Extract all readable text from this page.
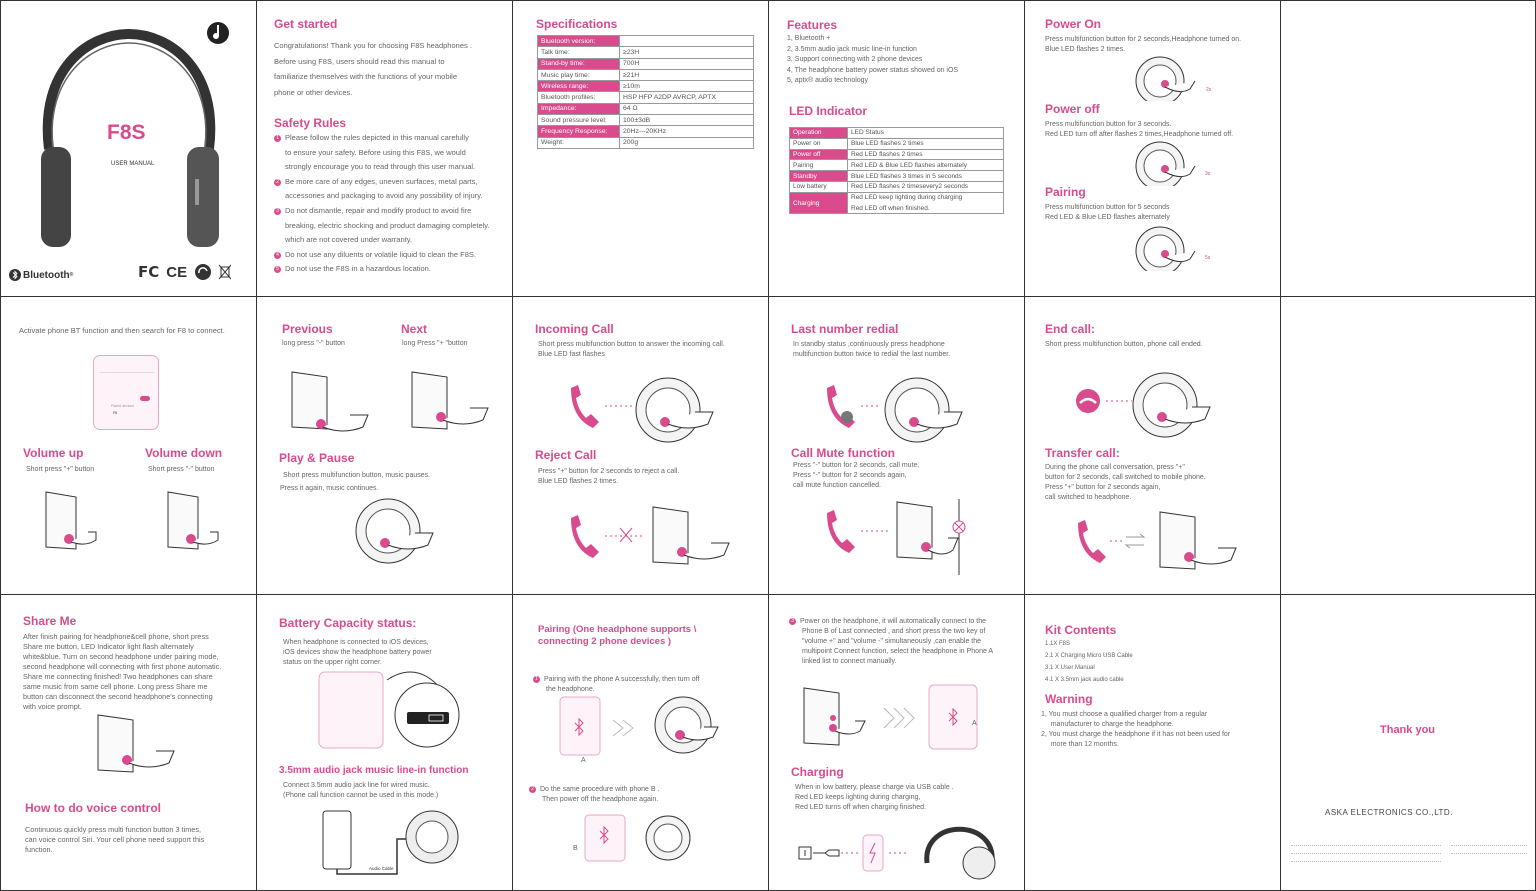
F8S
USER MANUAL
Bluetooth ®	FC CE
Get started
Congratulations! Thank you for choosing F8S headphones .
Before using F8S, users should read this manual to
familiarize themselves with the functions of your mobile
phone or other devices.
Safety Rules
1 Please follow the rules depicted in this manual carefully
to ensure your safety. Before using this F8S, we would
strongly encourage you to read through this user manual.
2 Be more care of any edges, uneven surfaces, metal parts,
accessories and packaging to avoid any possibility of injury.
3 Do not dismantle, repair and modify product to avoid fire
breaking, electric shocking and product damaging completely.
which are not covered under warranty.
4 Do not use any diluents or volatile liquid to clean the F8S.
5 Do not use the F8S in a hazardous location.
Specifications
Bluetooth version:	
Talk time:	≥23H
Stand-by time:	700H
Music play time:	≥21H
Wireless range:	≥10m
Bluetooth profiles:	HSP HFP A2DP AVRCP, APTX
Impedance:	64 Ω
Sound pressure level:	100±3dB
Frequency Response:	20Hz---20KHz
Weight:	200g
Features
1, Bluetooth +
2, 3.5mm audio jack music line-in function
3, Support connecting with 2 phone devices
4, The headphone battery power status showed on iOS
5, aptx® audio technology
LED Indicator
Operation	LED Status
Power on	Blue LED flashes 2 times
Power off	Red LED flashes 2 times
Pairing	Red LED & Blue LED flashes alternately
Standby	Blue LED flashes 3 times in 5 seconds
Low battery	Red LED flashes 2 timesevery2 seconds
Charging	Red LED keep lighting during charging
	Red LED off when finished.
Power On
Press multifunction button for 2 seconds,Headphone turned on.
Blue LED flashes 2 times.
2s
Power off
Press multifunction button for 3 seconds.
Red LED turn off after flashes 2 times,Headphone turned off.
3s
Pairing
Press multifunction button for 5 seconds
Red LED & Blue LED flashes alternately
5s
Activate phone BT function and then search for F8 to connect.
Paired devices
F8
Volume up
Short press "+" button
Volume down
Short press "-" button
Previous
long press "-" button
Next
long Press "+ "button
Play & Pause
Short press multifunction button, music pauses.
Press it again, music continues.
Incoming Call
Short press multifunction button to answer the incoming call.
Blue LED fast flashes
Reject Call
Press "+" button for 2 seconds to reject a call.
Blue LED flashes 2 times.
Last number redial
In standby status ,continuously press headphone
multifunction button twice to redial the last number.
Call Mute function
Press "-" button for 2 seconds, call mute.
Press "-" button for 2 seconds again,
call mute function cancelled.
End call:
Short press multifunction button, phone call ended.
Transfer call:
During the phone call conversation, press "+"
button for 2 seconds, call switched to mobile phone.
Press "+" button for 2 seconds again,
call switched to headphone.
Share Me
After finish pairing for headphone&cell phone, short press
Share me button, LED Indicator light flash alternately
white&blue. Turn on second headphone under pairing mode,
second headphone will connecting with first phone automatic.
Share me connecting finished! Two headphones can share
same music from same cell phone. Long press Share me
button can disconnect the second headphone's connecting
with voice prompt.
How to do voice control
Continuous quickly press multi function button 3 times,
can voice control Siri. Your cell phone need support this
function.
Battery Capacity status:
When headphone is connected to iOS devices,
iOS devices show the headphone battery power
status on the upper right corner.
3.5mm audio jack music line-in function
Connect 3.5mm audio jack line for wired music.
(Phone call function cannot be used in this mode.)
Audio Cable
Pairing (One headphone supports \
connecting 2 phone devices )
1 Pairing with the phone A successfully, then turn off
the headphone.
A
2 Do the same procedure with phone B .
Then power off the headphone again.
B
3 Power on the headphone, it will automatically connect to the
Phone B of Last connected , and short press the two key of
"volume +" and "volume -" simultaneously ,can enable the
multipoint Connect function, select the headphone in Phone A
linked list to connect manually.
A
Charging
When in low battery, please charge via USB cable .
Red LED keeps lighting during charging,
Red LED turns off when charging finished.
Kit Contents
1.1X F8S
2.1 X Charging Micro USB Cable
3.1 X User Manual
4.1 X 3.5mm jack audio cable
Warning
1, You must choose a qualified charger from a regular
manufacturer to charge the headphone.
2, You must charge the headphone if it has not been used for
more than 12 months.
Thank you
ASKA ELECTRONICS CO.,LTD.
